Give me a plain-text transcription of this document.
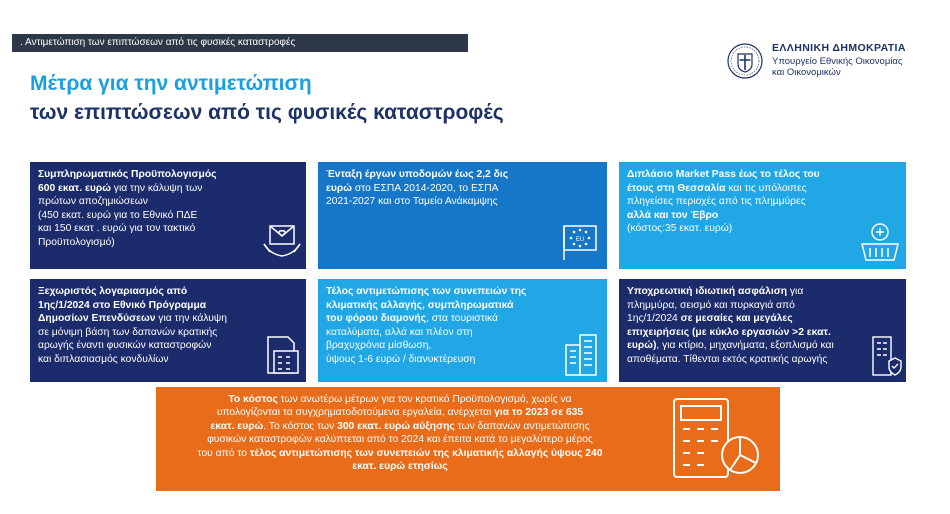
. Αντιμετώπιση των επιπτώσεων από τις φυσικές καταστροφές	ΕΛΛΗΝΙΚΗ ΔΗΜΟΚΡΑΤΙΑ
Υπουργείο Εθνικής Οικονομίας
και Οικονομικών
Μέτρα για την αντιμετώπιση
των επιπτώσεων από τις φυσικές καταστροφές
Συμπληρωματικός Προϋπολογισμός
600 εκατ. ευρώ για την κάλυψη των
πρώτων αποζημιώσεων
(450 εκατ. ευρώ για το Εθνικό ΠΔΕ
και 150 εκατ . ευρώ για τον τακτικό
Προϋπολογισμό)
Ένταξη έργων υποδομών έως 2,2 δις
ευρώ στο ΕΣΠΑ 2014-2020, το ΕΣΠΑ
2021-2027 και στο Ταμείο Ανάκαμψης
EU
Διπλάσιο Market Pass έως το τέλος του
έτους στη Θεσσαλία και τις υπόλοιπες
πληγείσες περιοχές από τις πλημμύρες
αλλά και τον Έβρο
(κόστος:35 εκατ. ευρώ)
Ξεχωριστός λογαριασμός από
1ης/1/2024 στο Εθνικό Πρόγραμμα
Δημοσίων Επενδύσεων για την κάλυψη
σε μόνιμη βάση των δαπανών κρατικής
αρωγής έναντι φυσικών καταστροφών
και διπλασιασμός κονδυλίων
Τέλος αντιμετώπισης των συνεπειών της
κλιματικής αλλαγής, συμπληρωματικά
του φόρου διαμονής, στα τουριστικά
καταλύματα, αλλά και πλέον στη
βραχυχρόνια μίσθωση,
ύψους 1-6 ευρώ / διανυκτέρευση
Υποχρεωτική ιδιωτική ασφάλιση για
πλημμύρα, σεισμό και πυρκαγιά από
1ης/1/2024 σε μεσαίες και μεγάλες
επιχειρήσεις (με κύκλο εργασιών >2 εκατ.
ευρώ), για κτίριο, μηχανήματα, εξοπλισμό και
αποθέματα. Τίθενται εκτός κρατικής αρωγής
Το κόστος των ανωτέρω μέτρων για τον κρατικό Προϋπολογισμό, χωρίς να
υπολογίζονται τα συγχρηματοδοτούμενα εργαλεία, ανέρχεται για το 2023 σε 635
εκατ. ευρώ. Το κόστος των 300 εκατ. ευρώ αύξησης των δαπανών αντιμετώπισης
φυσικών καταστροφών καλύπτεται από το 2024 και έπειτα κατά το μεγαλύτερο μέρος
του από το τέλος αντιμετώπισης των συνεπειών της κλιματικής αλλαγής ύψους 240
εκατ. ευρώ ετησίως
